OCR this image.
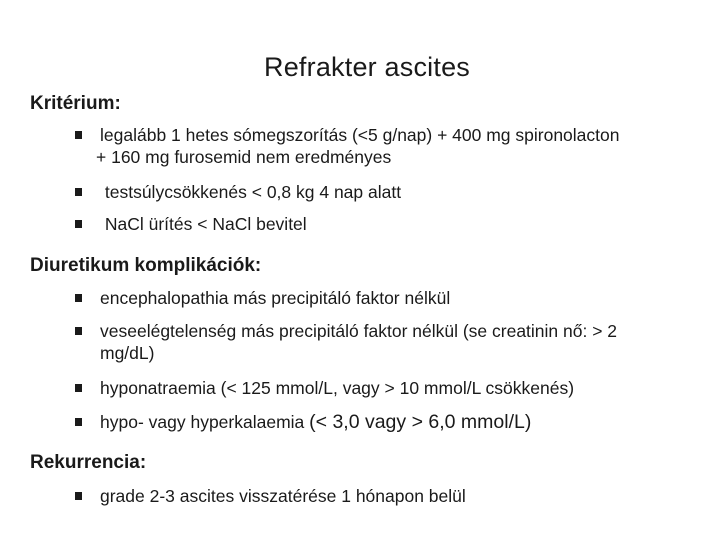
Refrakter ascites
Kritérium:
legalább 1 hetes sómegszorítás (<5 g/nap) + 400 mg spironolacton
+ 160 mg furosemid nem eredményes
testsúlycsökkenés < 0,8 kg 4 nap alatt
NaCl ürítés < NaCl bevitel
Diuretikum komplikációk:
encephalopathia más precipitáló faktor nélkül
veseelégtelenség más precipitáló faktor nélkül (se creatinin nő: > 2
mg/dL)
hyponatraemia (< 125 mmol/L, vagy > 10 mmol/L csökkenés)
hypo- vagy hyperkalaemia (< 3,0 vagy > 6,0 mmol/L)
Rekurrencia:
grade 2-3 ascites visszatérése 1 hónapon belül
